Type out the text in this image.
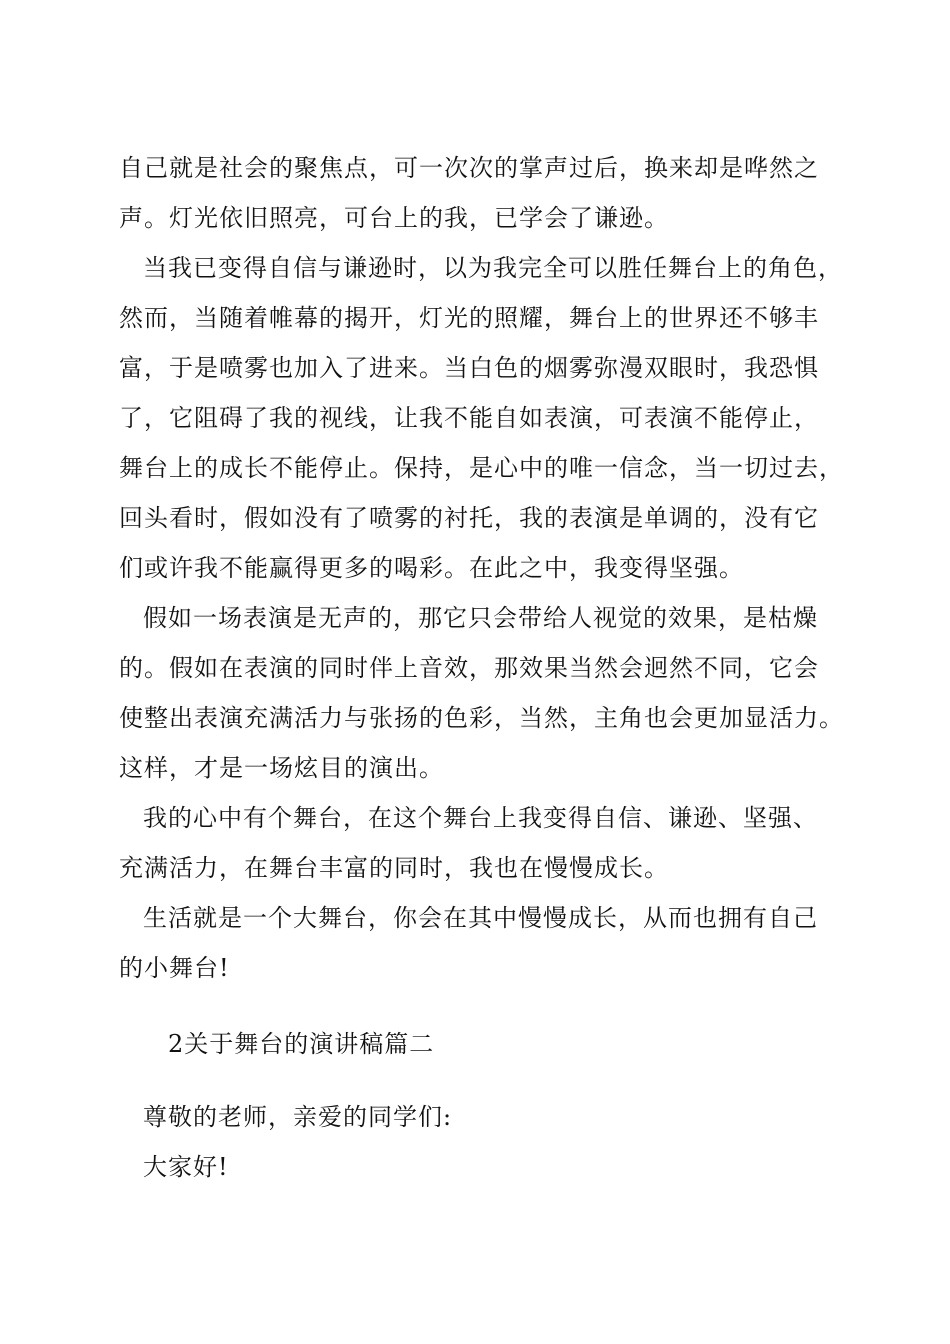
自己就是社会的聚焦点，可一次次的掌声过后，换来却是哗然之
声。灯光依旧照亮，可台上的我，已学会了谦逊。
当我已变得自信与谦逊时，以为我完全可以胜任舞台上的角色，
然而，当随着帷幕的揭开，灯光的照耀，舞台上的世界还不够丰
富，于是喷雾也加入了进来。当白色的烟雾弥漫双眼时，我恐惧
了，它阻碍了我的视线，让我不能自如表演，可表演不能停止，
舞台上的成长不能停止。保持，是心中的唯一信念，当一切过去，
回头看时，假如没有了喷雾的衬托，我的表演是单调的，没有它
们或许我不能赢得更多的喝彩。在此之中，我变得坚强。
假如一场表演是无声的，那它只会带给人视觉的效果，是枯燥
的。假如在表演的同时伴上音效，那效果当然会迥然不同，它会
使整出表演充满活力与张扬的色彩，当然，主角也会更加显活力。
这样，才是一场炫目的演出。
我的心中有个舞台，在这个舞台上我变得自信、谦逊、坚强、
充满活力，在舞台丰富的同时，我也在慢慢成长。
生活就是一个大舞台，你会在其中慢慢成长，从而也拥有自己
的小舞台!
2关于舞台的演讲稿篇二
尊敬的老师，亲爱的同学们:
大家好!
